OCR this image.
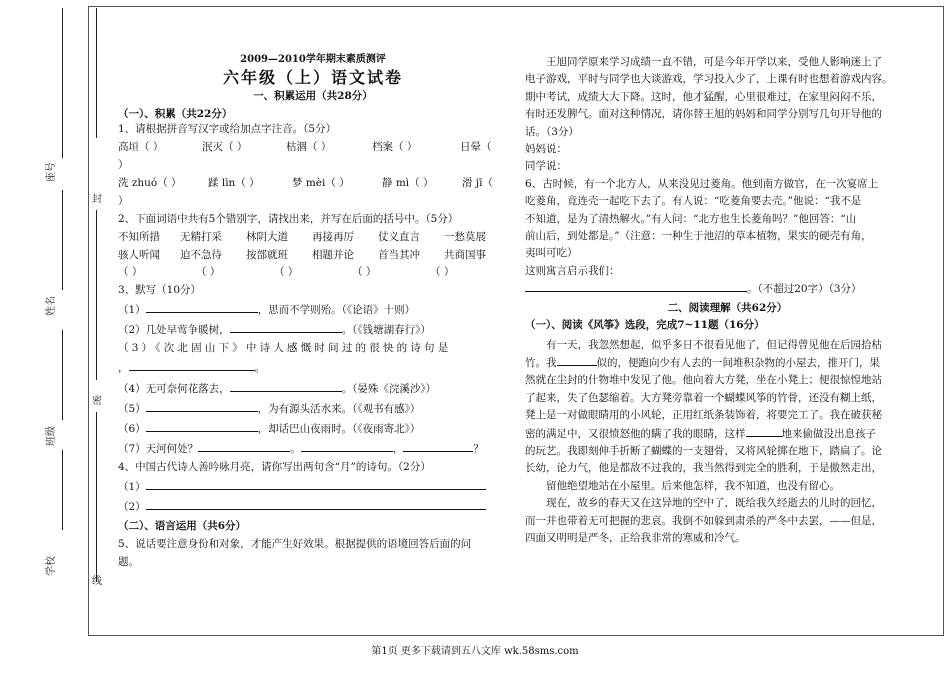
封
密
线
座号
姓名
班级
学校
2009—2010学年期末素质测评
六年级（上）语文试卷
一、积累运用（共28分）
（一）、积累（共22分）
1、请根据拼音写汉字或给加点字注音。（5分）
高垣（ ）	泯灭（ ）	枯涸（ ）	档案（ ）	日晕（
）
洗 zhuó（ ）	蹂 lìn（ ）	梦 mèi（ ）	静 mì（ ）	滑 jī（
）
2、下面词语中共有5个错别字，请找出来，并写在后面的括号中。（5分）
不知所措 无精打采 林阴大道 再接再厉 仗义直言 一愁莫展
骇人听闻 迫不急待 按部就班 相题并论 首当其冲 共商国事
（ ）	（ ）	（ ）	（ ）	（ ）
3、默写（10分）
（1）	，思而不学则殆。（《论语》十则）
（2）几处早莺争暖树，	。（《钱塘湖春行》）
（3）《次北固山下》中诗人感慨时间过的很快的诗句是
，	。
（4）无可奈何花落去，	。（晏殊《浣溪沙》）
（5）	，为有源头活水来。（《观书有感》）
（6）	，却话巴山夜雨时。（《夜雨寄北》）
（7）天河何处？	。	，	？
4、中国古代诗人善吟咏月亮，请你写出两句含“月”的诗句。（2分）
（1）
（2）
（二）、语言运用（共6分）
5、说话要注意身份和对象，才能产生好效果。根据提供的语境回答后面的问
题。
王旭同学原来学习成绩一直不错，可是今年开学以来，受他人影响迷上了
电子游戏，平时与同学也大谈游戏，学习投入少了，上课有时也想着游戏内容。
期中考试，成绩大大下降。这时，他才猛醒，心里很难过，在家里闷闷不乐，
有时还发脾气。面对这种情况，请你替王旭的妈妈和同学分别写几句开导他的
话。（3分）
妈妈说：
同学说：
6、古时候，有一个北方人，从来没见过菱角。他到南方做官，在一次宴席上
吃菱角，竟连壳一起吃下去了。有人说：“吃菱角要去壳。”他说：“我不是
不知道，是为了清热解火。”有人问：“北方也生长菱角吗？”他回答：“山
前山后，到处都是。”（注意：一种生于池沼的草本植物，果实的硬壳有角，
夷叫可吃）
这则寓言启示我们：
。（不超过20字）（3分）
二、阅读理解（共62分）
（一）、阅读《风筝》选段，完成7~11题（16分）
有一天，我忽然想起，似乎多日不很看见他了，但记得曾见他在后园拾枯
竹。我	似的，便跑向少有人去的一间堆积杂物的小屋去，推开门，果
然就在尘封的什物堆中发见了他。他向着大方凳，坐在小凳上；便很惊惶地站
了起来，失了色瑟缩着。大方凳旁靠着一个蝴蝶风筝的竹骨，还没有糊上纸，
凳上是一对做眼睛用的小风轮，正用红纸条装饰着，将要完工了。我在破获秘
密的满足中，又很愤怒他的瞒了我的眼睛，这样	地来偷做没出息孩子
的玩艺。我即刻伸手折断了蝴蝶的一支翅骨，又将风轮掷在地下，踏扁了。论
长幼，论力气，他是都敌不过我的，我当然得到完全的胜利，于是傲然走出，
留他绝望地站在小屋里。后来他怎样，我不知道，也没有留心。
现在，故乡的春天又在这异地的空中了，既给我久经逝去的儿时的回忆，
而一并也带着无可把握的悲哀。我倒不如躲到肃杀的严冬中去罢，——但是，
四面又明明是严冬，正给我非常的寒威和冷气。
第1页 更多下载请到五八文库 wk.58sms.com
